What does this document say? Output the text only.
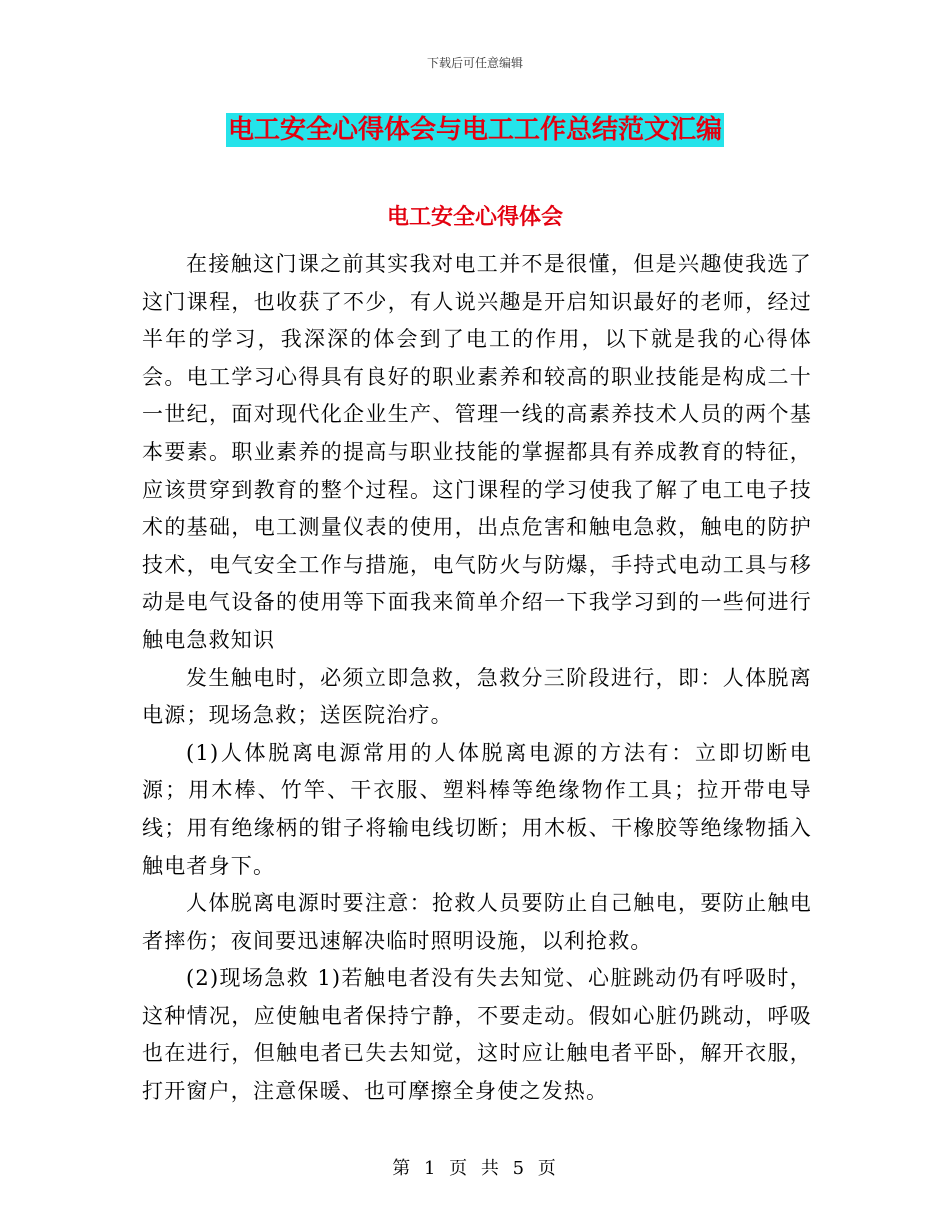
下载后可任意编辑
电工安全心得体会与电工工作总结范文汇编
电工安全心得体会

在接触这门课之前其实我对电工并不是很懂，但是兴趣使我选了这门课程，也收获了不少，有人说兴趣是开启知识最好的老师，经过半年的学习，我深深的体会到了电工的作用，以下就是我的心得体会。电工学习心得具有良好的职业素养和较高的职业技能是构成二十一世纪，面对现代化企业生产、管理一线的高素养技术人员的两个基本要素。职业素养的提高与职业技能的掌握都具有养成教育的特征，应该贯穿到教育的整个过程。这门课程的学习使我了解了电工电子技术的基础，电工测量仪表的使用，出点危害和触电急救，触电的防护技术，电气安全工作与措施，电气防火与防爆，手持式电动工具与移动是电气设备的使用等下面我来简单介绍一下我学习到的一些何进行触电急救知识

发生触电时，必须立即急救，急救分三阶段进行，即：人体脱离电源；现场急救；送医院治疗。

(1)人体脱离电源常用的人体脱离电源的方法有：立即切断电源；用木棒、竹竿、干衣服、塑料棒等绝缘物作工具；拉开带电导线；用有绝缘柄的钳子将输电线切断；用木板、干橡胶等绝缘物插入触电者身下。

人体脱离电源时要注意：抢救人员要防止自己触电，要防止触电者摔伤；夜间要迅速解决临时照明设施，以利抢救。

(2)现场急救 1)若触电者没有失去知觉、心脏跳动仍有呼吸时，这种情况，应使触电者保持宁静，不要走动。假如心脏仍跳动，呼吸也在进行，但触电者已失去知觉，这时应让触电者平卧，解开衣服，打开窗户，注意保暖、也可摩擦全身使之发热。

第 1 页 共 5 页
